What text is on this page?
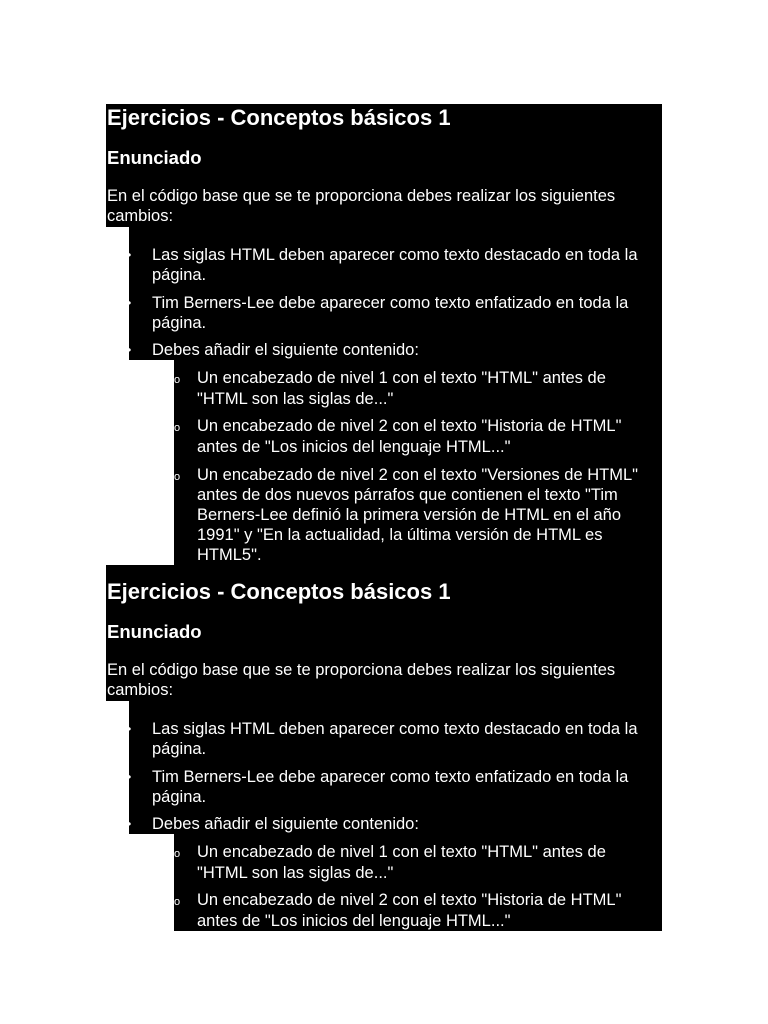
Ejercicios - Conceptos básicos 1
Enunciado
En el código base que se te proporciona debes realizar los siguientes
cambios:
• Las siglas HTML deben aparecer como texto destacado en toda la
página.
• Tim Berners-Lee debe aparecer como texto enfatizado en toda la
página.
• Debes añadir el siguiente contenido:
o Un encabezado de nivel 1 con el texto "HTML" antes de
"HTML son las siglas de..."
o Un encabezado de nivel 2 con el texto "Historia de HTML"
antes de "Los inicios del lenguaje HTML..."
o Un encabezado de nivel 2 con el texto "Versiones de HTML"
antes de dos nuevos párrafos que contienen el texto "Tim
Berners-Lee definió la primera versión de HTML en el año
1991" y "En la actualidad, la última versión de HTML es
HTML5".
Ejercicios - Conceptos básicos 1
Enunciado
En el código base que se te proporciona debes realizar los siguientes
cambios:
• Las siglas HTML deben aparecer como texto destacado en toda la
página.
• Tim Berners-Lee debe aparecer como texto enfatizado en toda la
página.
• Debes añadir el siguiente contenido:
o Un encabezado de nivel 1 con el texto "HTML" antes de
"HTML son las siglas de..."
o Un encabezado de nivel 2 con el texto "Historia de HTML"
antes de "Los inicios del lenguaje HTML..."
